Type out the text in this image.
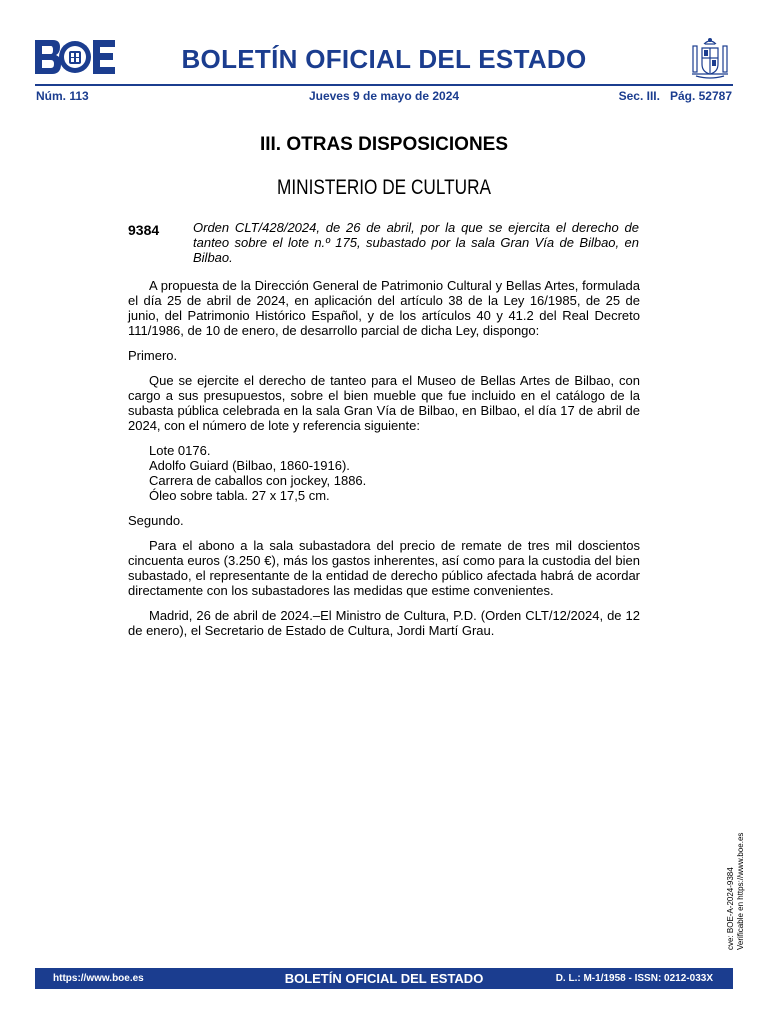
BOLETÍN OFICIAL DEL ESTADO
Núm. 113	Jueves 9 de mayo de 2024	Sec. III.   Pág. 52787
III. OTRAS DISPOSICIONES
MINISTERIO DE CULTURA
9384	Orden CLT/428/2024, de 26 de abril, por la que se ejercita el derecho de tanteo sobre el lote n.º 175, subastado por la sala Gran Vía de Bilbao, en Bilbao.

A propuesta de la Dirección General de Patrimonio Cultural y Bellas Artes, formulada el día 25 de abril de 2024, en aplicación del artículo 38 de la Ley 16/1985, de 25 de junio, del Patrimonio Histórico Español, y de los artículos 40 y 41.2 del Real Decreto 111/1986, de 10 de enero, de desarrollo parcial de dicha Ley, dispongo:

Primero.

Que se ejercite el derecho de tanteo para el Museo de Bellas Artes de Bilbao, con cargo a sus presupuestos, sobre el bien mueble que fue incluido en el catálogo de la subasta pública celebrada en la sala Gran Vía de Bilbao, en Bilbao, el día 17 de abril de 2024, con el número de lote y referencia siguiente:

Lote 0176.
Adolfo Guiard (Bilbao, 1860-1916).
Carrera de caballos con jockey, 1886.
Óleo sobre tabla. 27 x 17,5 cm.

Segundo.

Para el abono a la sala subastadora del precio de remate de tres mil doscientos cincuenta euros (3.250 €), más los gastos inherentes, así como para la custodia del bien subastado, el representante de la entidad de derecho público afectada habrá de acordar directamente con los subastadores las medidas que estime convenientes.

Madrid, 26 de abril de 2024.–El Ministro de Cultura, P.D. (Orden CLT/12/2024, de 12 de enero), el Secretario de Estado de Cultura, Jordi Martí Grau.

cve: BOE-A-2024-9384 Verificable en https://www.boe.es
https://www.boe.es	BOLETÍN OFICIAL DEL ESTADO	D. L.: M-1/1958 - ISSN: 0212-033X
